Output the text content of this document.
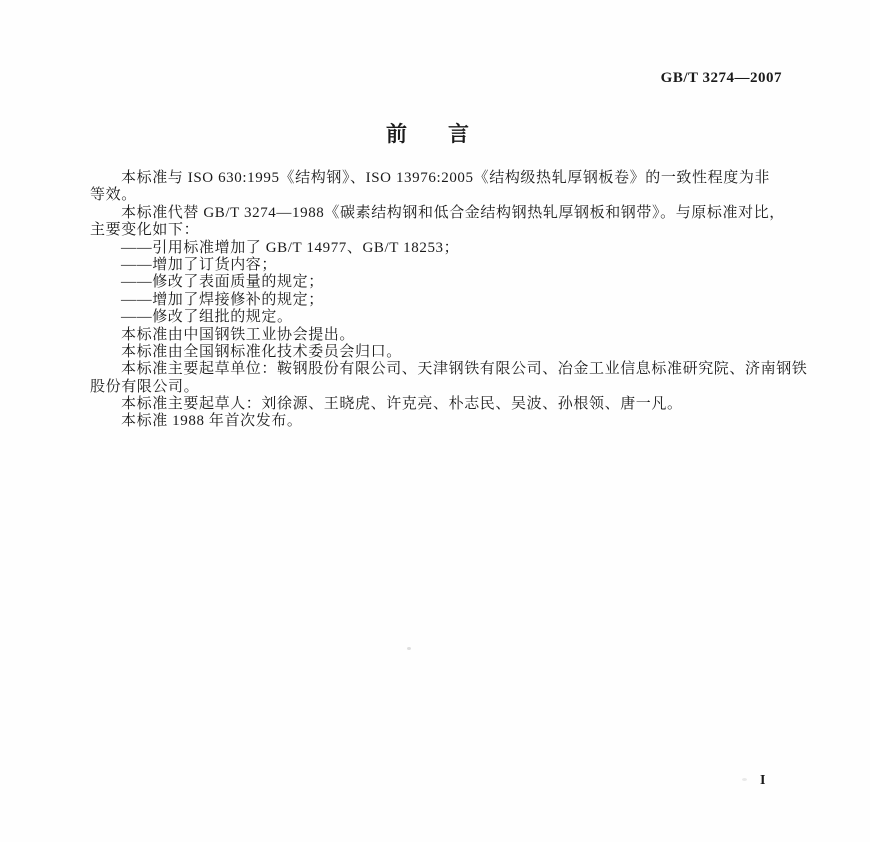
GB/T 3274—2007
前 言
本标准与 ISO 630:1995《结构钢》、ISO 13976:2005《结构级热轧厚钢板卷》的一致性程度为非
等效。
本标准代替 GB/T 3274—1988《碳素结构钢和低合金结构钢热轧厚钢板和钢带》。与原标准对比，
主要变化如下：
——引用标准增加了 GB/T 14977、GB/T 18253；
——增加了订货内容；
——修改了表面质量的规定；
——增加了焊接修补的规定；
——修改了组批的规定。
本标准由中国钢铁工业协会提出。
本标准由全国钢标准化技术委员会归口。
本标准主要起草单位：鞍钢股份有限公司、天津钢铁有限公司、冶金工业信息标准研究院、济南钢铁
股份有限公司。
本标准主要起草人：刘徐源、王晓虎、许克亮、朴志民、吴波、孙根领、唐一凡。
本标准 1988 年首次发布。
I
